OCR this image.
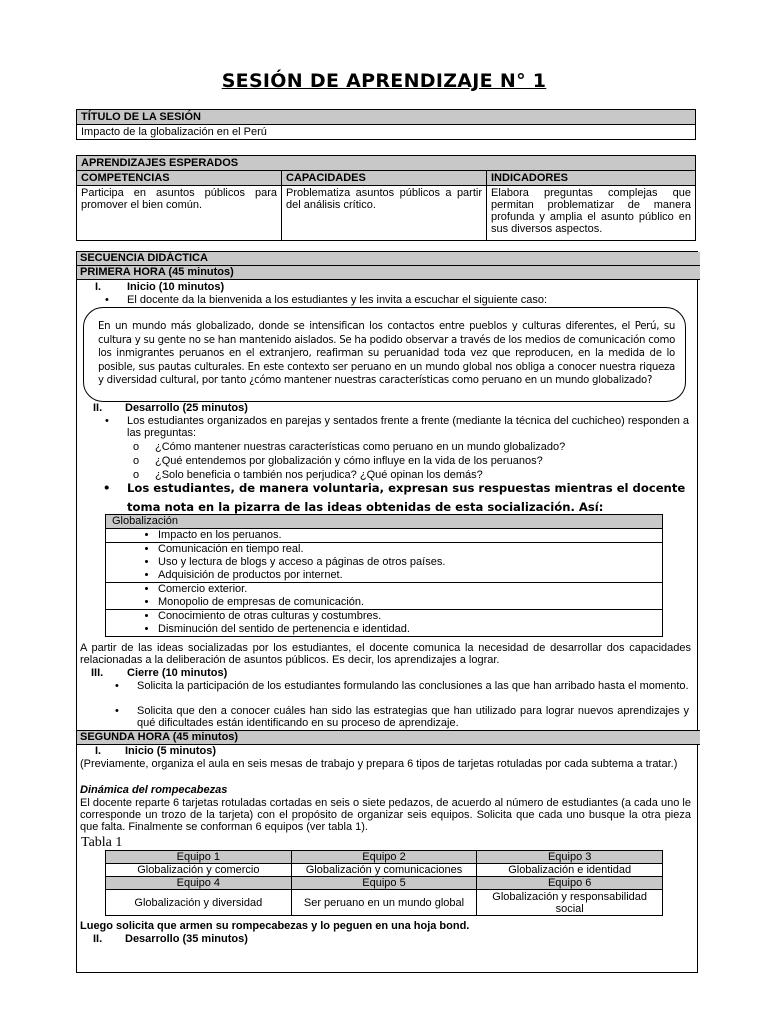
SESIÓN DE APRENDIZAJE N° 1
TÍTULO DE LA SESIÓN
Impacto de la globalización en el Perú
APRENDIZAJES ESPERADOS		
COMPETENCIAS	CAPACIDADES	INDICADORES
Participa en asuntos públicos para promover el bien común.	Problematiza asuntos públicos a partir del análisis crítico.	Elabora preguntas complejas que permitan problematizar de manera profunda y amplia el asunto público en sus diversos aspectos.
SECUENCIA DIDÁCTICA
PRIMERA HORA (45 minutos)
I. Inicio (10 minutos)
• El docente da la bienvenida a los estudiantes y les invita a escuchar el siguiente caso:
En un mundo más globalizado, donde se intensifican los contactos entre pueblos y culturas diferentes, el Perú, su cultura y su gente no se han mantenido aislados. Se ha podido observar a través de los medios de comunicación como los inmigrantes peruanos en el extranjero, reafirman su peruanidad toda vez que reproducen, en la medida de lo posible, sus pautas culturales. En este contexto ser peruano en un mundo global nos obliga a conocer nuestra riqueza y diversidad cultural, por tanto ¿cómo mantener nuestras características como peruano en un mundo globalizado?
II. Desarrollo (25 minutos)
• Los estudiantes organizados en parejas y sentados frente a frente (mediante la técnica del cuchicheo) responden a las preguntas:
o ¿Cómo mantener nuestras características como peruano en un mundo globalizado?
o ¿Qué entendemos por globalización y cómo influye en la vida de los peruanos?
o ¿Solo beneficia o también nos perjudica? ¿Qué opinan los demás?
• Los estudiantes, de manera voluntaria, expresan sus respuestas mientras el docente toma nota en la pizarra de las ideas obtenidas de esta socialización. Así:
Globalización

• Impacto en los peruanos.

• Comunicación en tiempo real.
• Uso y lectura de blogs y acceso a páginas de otros países.
• Adquisición de productos por internet.

• Comercio exterior.
• Monopolio de empresas de comunicación.

• Conocimiento de otras culturas y costumbres.
• Disminución del sentido de pertenencia e identidad.
A partir de las ideas socializadas por los estudiantes, el docente comunica la necesidad de desarrollar dos capacidades relacionadas a la deliberación de asuntos públicos. Es decir, los aprendizajes a lograr.
III. Cierre (10 minutos)
• Solicita la participación de los estudiantes formulando las conclusiones a las que han arribado hasta el momento.
• Solicita que den a conocer cuáles han sido las estrategias que han utilizado para lograr nuevos aprendizajes y qué dificultades están identificando en su proceso de aprendizaje.
SEGUNDA HORA (45 minutos)
I. Inicio (5 minutos)
(Previamente, organiza el aula en seis mesas de trabajo y prepara 6 tipos de tarjetas rotuladas por cada subtema a tratar.)
Dinámica del rompecabezas
El docente reparte 6 tarjetas rotuladas cortadas en seis o siete pedazos, de acuerdo al número de estudiantes (a cada uno le corresponde un trozo de la tarjeta) con el propósito de organizar seis equipos. Solicita que cada uno busque la otra pieza que falta. Finalmente se conforman 6 equipos (ver tabla 1).
Tabla 1
Equipo 1	Equipo 2	Equipo 3
Globalización y comercio	Globalización y comunicaciones	Globalización e identidad
Equipo 4	Equipo 5	Equipo 6
Globalización y diversidad	Ser peruano en un mundo global	Globalización y responsabilidad social
Luego solicita que armen su rompecabezas y lo peguen en una hoja bond.
II. Desarrollo (35 minutos)
